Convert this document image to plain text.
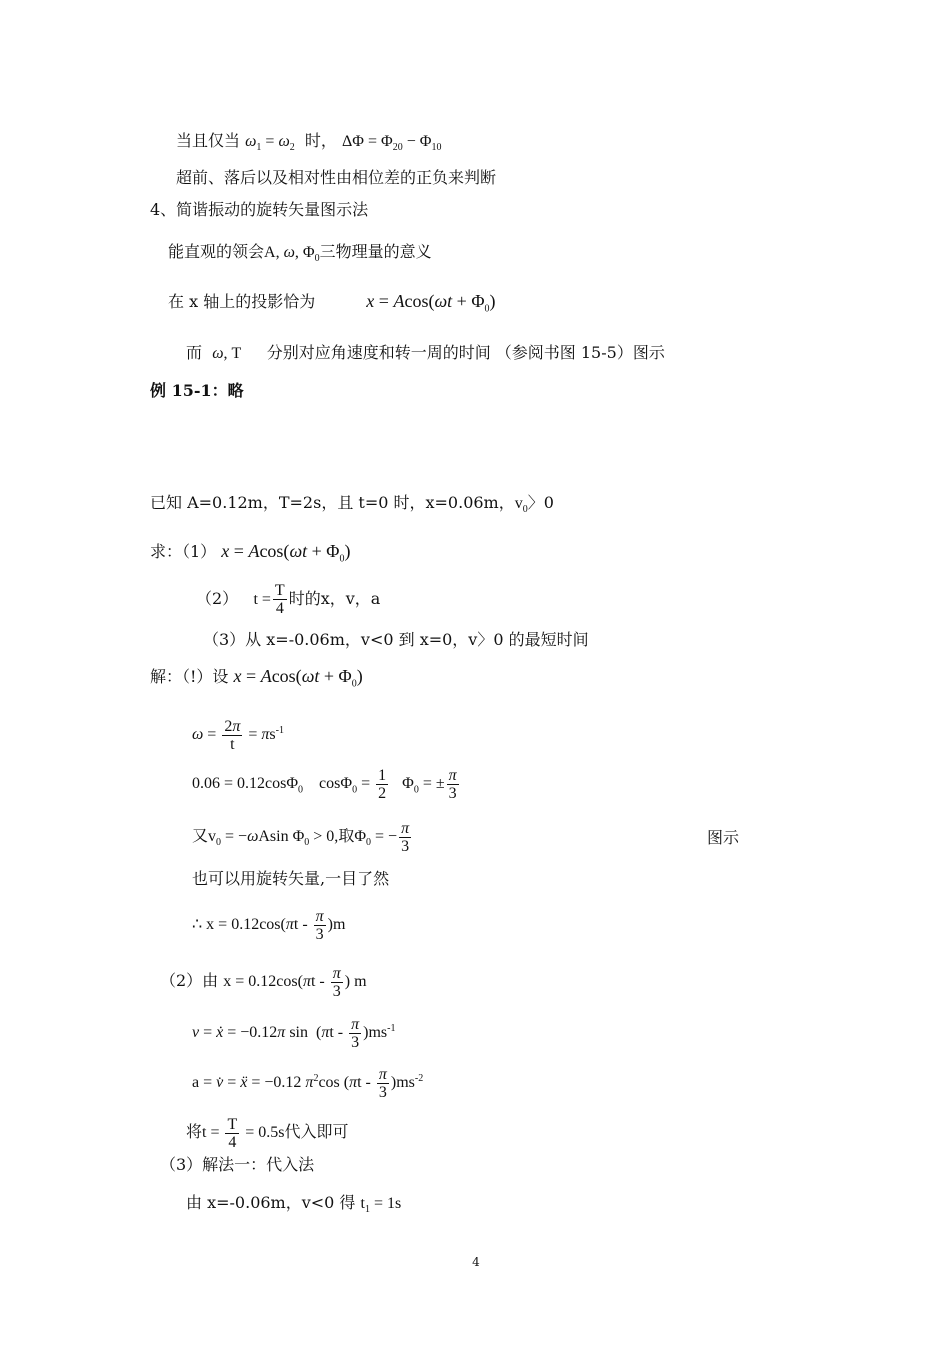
当且仅当 $\omega_1 = \omega_2$ 时， $\Delta\Phi = \Phi_{20} - \Phi_{10}$
超前、落后以及相对性由相位差的正负来判断
4、简谐振动的旋转矢量图示法
能直观的领会A, ω, $\Phi_0$三物理量的意义
在 x 轴上的投影恰为	$x = Acos(\omega t + \Phi_0)$
而 ω, T 分别对应角速度和转一周的时间 （参阅书图 15-5）图示
例 15-1：略
已知 A=0.12m，T=2s，且 t=0 时，x=0.06m，$v_0$〉0
求：（1） $x = Acos(\omega t + \Phi_0)$
（2） $t = \frac{T}{4}$ 时的x，v，a
（3）从 x=-0.06m，v<0 到 x=0，v〉0 的最短时间
解：（!）设 $x = Acos(\omega t + \Phi_0)$
$\omega = \frac{2\pi}{t} = \pi s^{-1}$
0.06 = 0.12cosΦ$_0$    $\cos\Phi_0 = \frac{1}{2} \Phi_0$ = ± $\frac{\pi}{3}$
又$v_0 = -\omega Asin$ $\Phi_0 > 0$,取$\Phi_0$ = − $\frac{\pi}{3}$	图示
也可以用旋转矢量,一目了然
∴ $x = 0.12\cos(\pi t - \frac{\pi}{3} )m$
（2）由 $x = 0.12\cos(\pi t - \frac{\pi}{3}$ ) m
v = ẋ = −0.12π $\sin (\pi t - \frac{\pi}{3} )ms^{-1}$
a = v̇ = ẍ = −0.12 $\pi^2\cos$ $(\pi t - \frac{\pi}{3} )ms^{-2}$
将$t = \frac{T}{4} = 0.5s$代入即可
（3）解法一：代入法
由 x=-0.06m，v<0 得 $t_1 = 1s$
4
